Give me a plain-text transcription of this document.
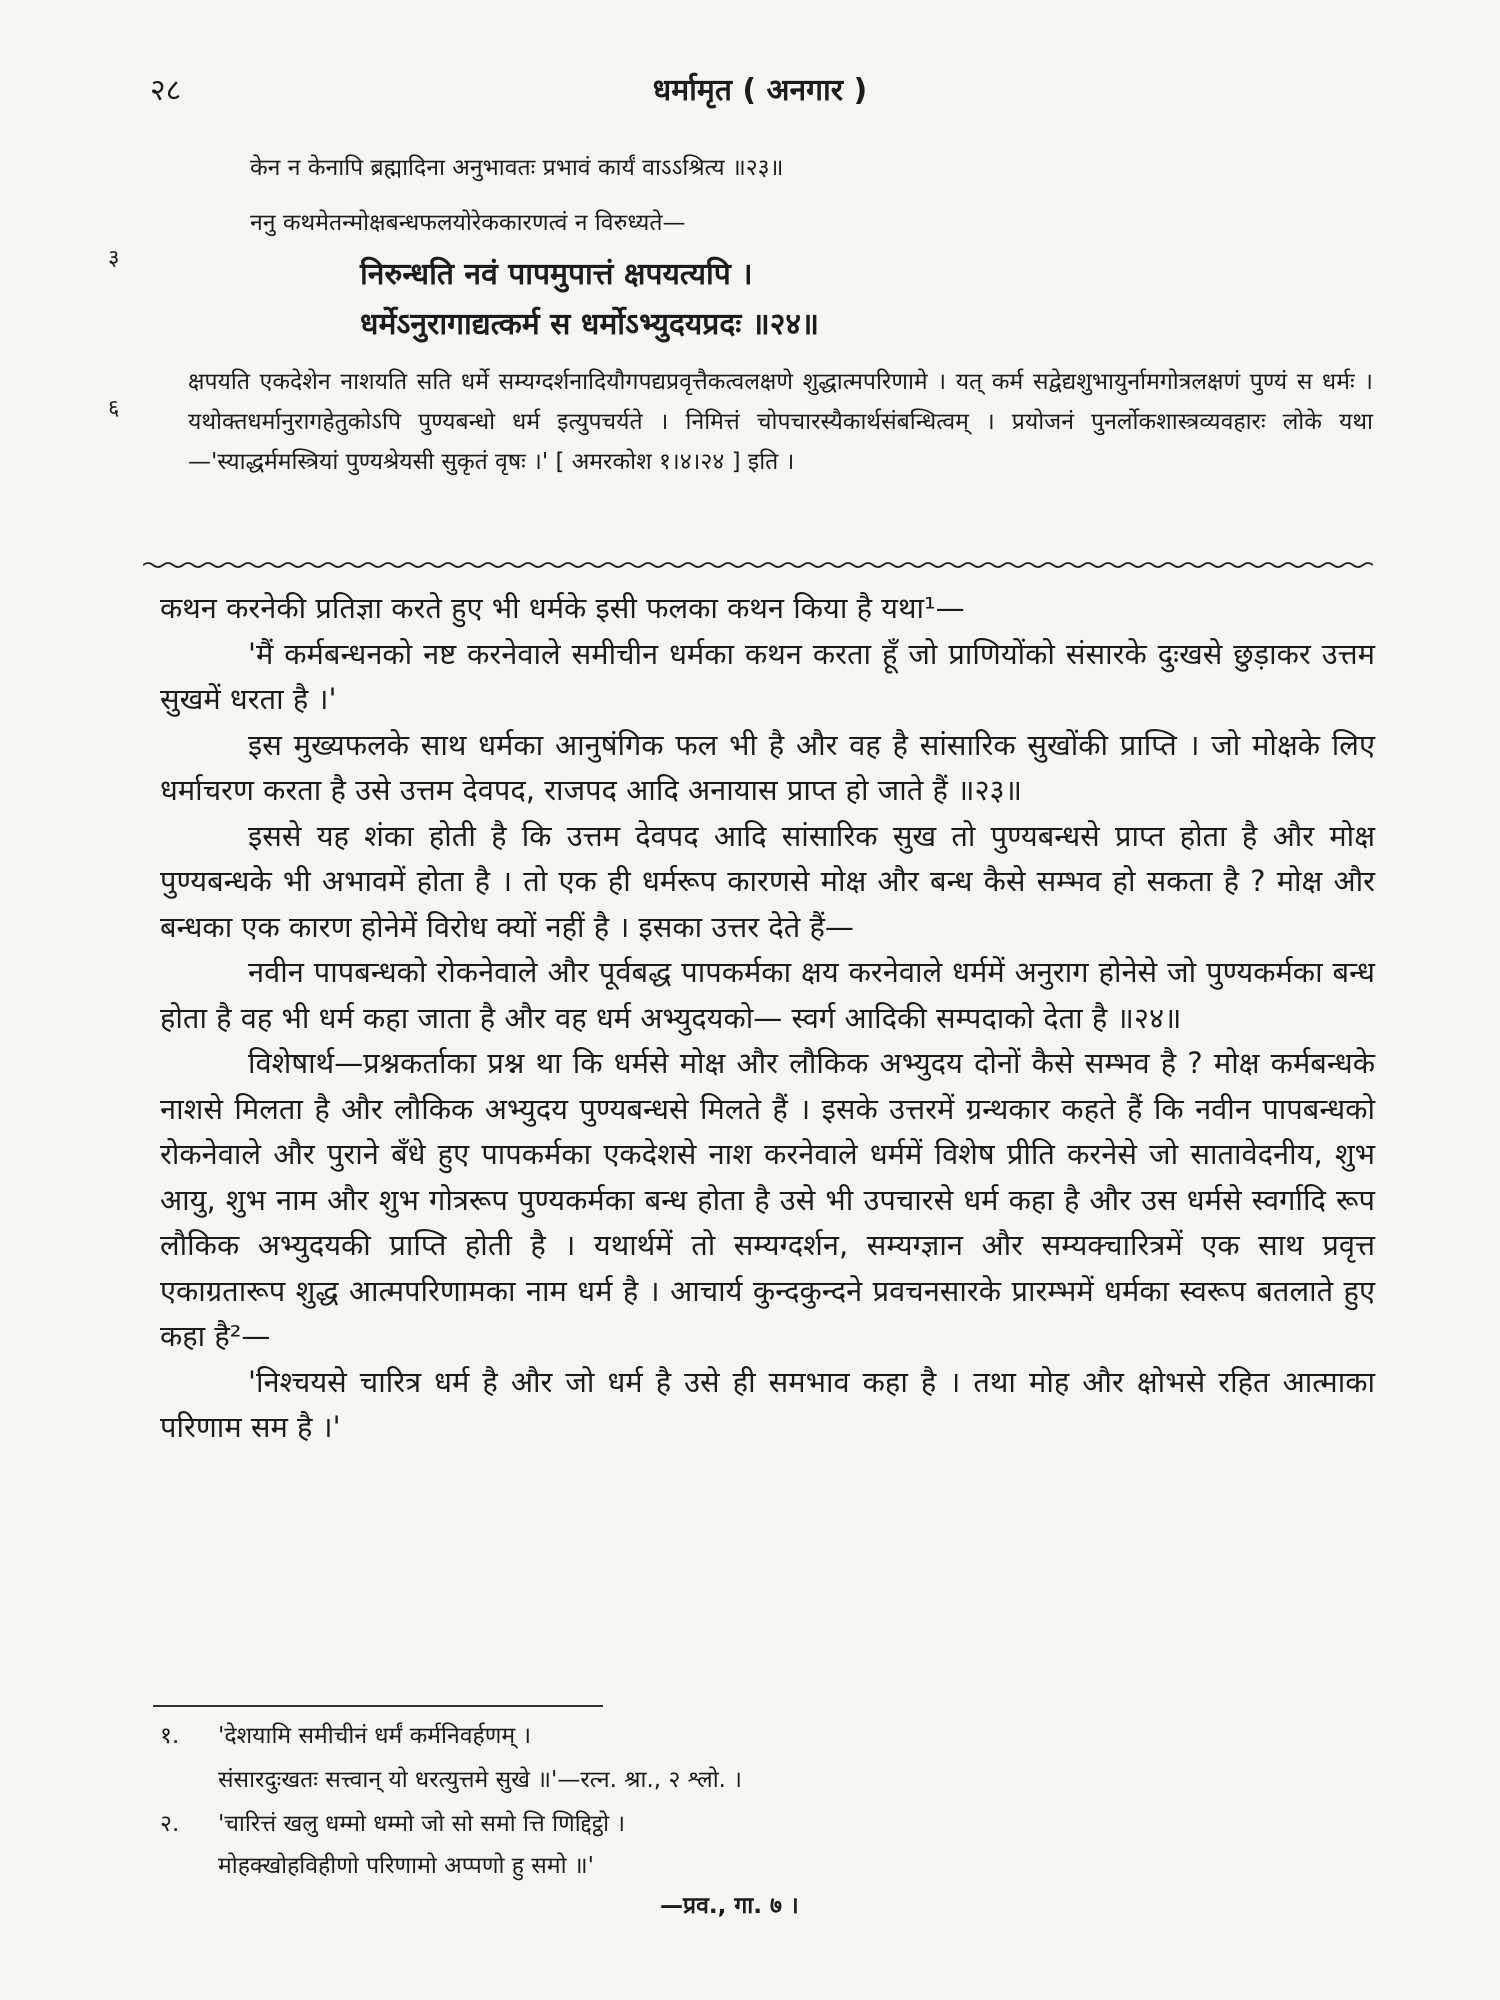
२८	धर्मामृत ( अनगार )
३
६
केन न केनापि ब्रह्मादिना अनुभावतः प्रभावं कार्यं वाऽऽश्रित्य ॥२३॥
ननु कथमेतन्मोक्षबन्धफलयोरेककारणत्वं न विरुध्यते—
निरुन्धति नवं पापमुपात्तं क्षपयत्यपि ।
धर्मेऽनुरागाद्यत्कर्म स धर्मोऽभ्युदयप्रदः ॥२४॥
क्षपयति एकदेशेन नाशयति सति धर्मे सम्यग्दर्शनादियौगपद्यप्रवृत्तैकत्वलक्षणे शुद्धात्मपरिणामे । यत् कर्म सद्वेद्यशुभायुर्नामगोत्रलक्षणं पुण्यं स धर्मः । यथोक्तधर्मानुरागहेतुकोऽपि पुण्यबन्धो धर्म इत्युपचर्यते । निमित्तं चोपचारस्यैकार्थसंबन्धित्वम् । प्रयोजनं पुनर्लोकशास्त्रव्यवहारः लोके यथा—'स्याद्धर्ममस्त्रियां पुण्यश्रेयसी सुकृतं वृषः ।' [ अमरकोश १।४।२४ ] इति ।

कथन करनेकी प्रतिज्ञा करते हुए भी धर्मके इसी फलका कथन किया है यथा¹—

'मैं कर्मबन्धनको नष्ट करनेवाले समीचीन धर्मका कथन करता हूँ जो प्राणियोंको संसारके दुःखसे छुड़ाकर उत्तम सुखमें धरता है ।'

इस मुख्यफलके साथ धर्मका आनुषंगिक फल भी है और वह है सांसारिक सुखोंकी प्राप्ति । जो मोक्षके लिए धर्माचरण करता है उसे उत्तम देवपद, राजपद आदि अनायास प्राप्त हो जाते हैं ॥२३॥

इससे यह शंका होती है कि उत्तम देवपद आदि सांसारिक सुख तो पुण्यबन्धसे प्राप्त होता है और मोक्ष पुण्यबन्धके भी अभावमें होता है । तो एक ही धर्मरूप कारणसे मोक्ष और बन्ध कैसे सम्भव हो सकता है ? मोक्ष और बन्धका एक कारण होनेमें विरोध क्यों नहीं है । इसका उत्तर देते हैं—

नवीन पापबन्धको रोकनेवाले और पूर्वबद्ध पापकर्मका क्षय करनेवाले धर्ममें अनुराग होनेसे जो पुण्यकर्मका बन्ध होता है वह भी धर्म कहा जाता है और वह धर्म अभ्युदयको— स्वर्ग आदिकी सम्पदाको देता है ॥२४॥

विशेषार्थ—प्रश्नकर्ताका प्रश्न था कि धर्मसे मोक्ष और लौकिक अभ्युदय दोनों कैसे सम्भव है ? मोक्ष कर्मबन्धके नाशसे मिलता है और लौकिक अभ्युदय पुण्यबन्धसे मिलते हैं । इसके उत्तरमें ग्रन्थकार कहते हैं कि नवीन पापबन्धको रोकनेवाले और पुराने बँधे हुए पापकर्मका एकदेशसे नाश करनेवाले धर्ममें विशेष प्रीति करनेसे जो सातावेदनीय, शुभ आयु, शुभ नाम और शुभ गोत्ररूप पुण्यकर्मका बन्ध होता है उसे भी उपचारसे धर्म कहा है और उस धर्मसे स्वर्गादि रूप लौकिक अभ्युदयकी प्राप्ति होती है । यथार्थमें तो सम्यग्दर्शन, सम्यग्ज्ञान और सम्यक्चारित्रमें एक साथ प्रवृत्त एकाग्रतारूप शुद्ध आत्मपरिणामका नाम धर्म है । आचार्य कुन्दकुन्दने प्रवचनसारके प्रारम्भमें धर्मका स्वरूप बतलाते हुए कहा है²—

'निश्चयसे चारित्र धर्म है और जो धर्म है उसे ही समभाव कहा है । तथा मोह और क्षोभसे रहित आत्माका परिणाम सम है ।'

१. 'देशयामि समीचीनं धर्मं कर्मनिवर्हणम् ।
संसारदुःखतः सत्त्वान् यो धरत्युत्तमे सुखे ॥'—रत्न. श्रा., २ श्लो. ।
२. 'चारित्तं खलु धम्मो धम्मो जो सो समो त्ति णिद्दिट्ठो ।
मोहक्खोहविहीणो परिणामो अप्पणो हु समो ॥'
—प्रव., गा. ७ ।
